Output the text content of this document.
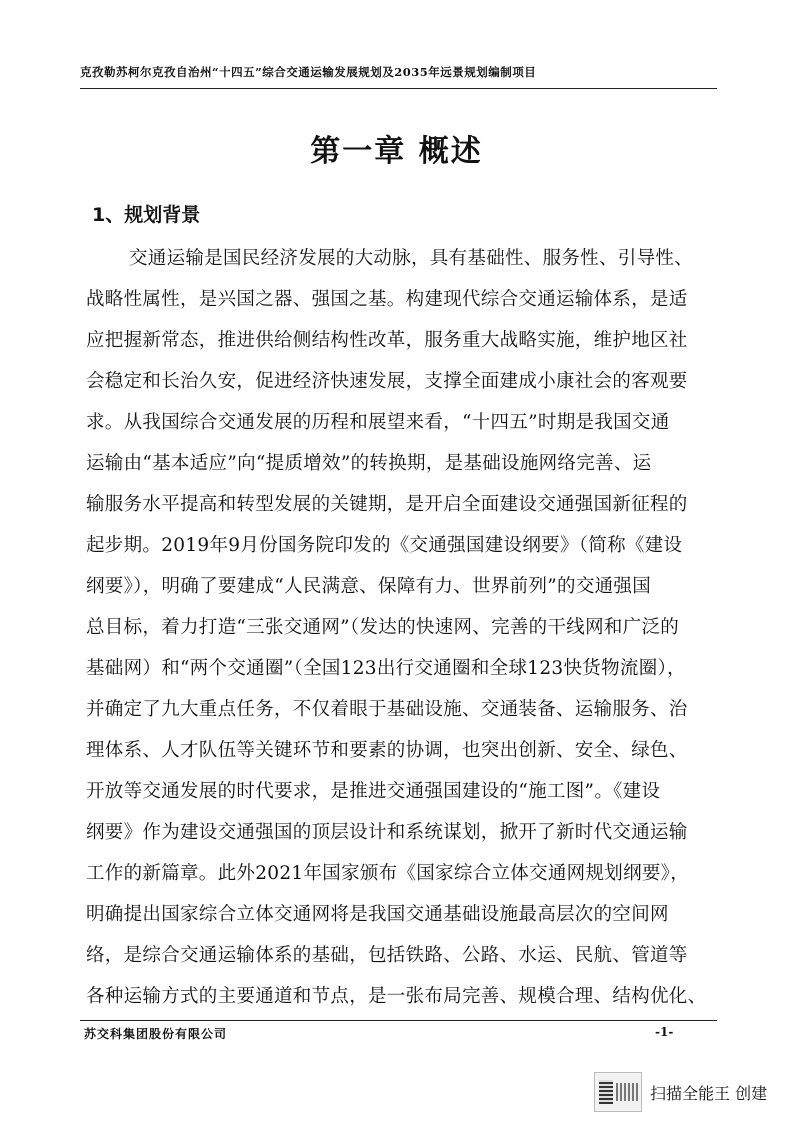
克孜勒苏柯尔克孜自治州“十四五”综合交通运输发展规划及2035年远景规划编制项目
第一章 概述
1、规划背景
交通运输是国民经济发展的大动脉，具有基础性、服务性、引导性、
战略性属性，是兴国之器、强国之基。构建现代综合交通运输体系，是适
应把握新常态，推进供给侧结构性改革，服务重大战略实施，维护地区社
会稳定和长治久安，促进经济快速发展，支撑全面建成小康社会的客观要
求。从我国综合交通发展的历程和展望来看，“十四五”时期是我国交通
运输由“基本适应”向“提质增效”的转换期，是基础设施网络完善、运
输服务水平提高和转型发展的关键期，是开启全面建设交通强国新征程的
起步期。2019年9月份国务院印发的《交通强国建设纲要》（简称《建设
纲要》），明确了要建成“人民满意、保障有力、世界前列”的交通强国
总目标，着力打造“三张交通网”（发达的快速网、完善的干线网和广泛的
基础网）和“两个交通圈”（全国123出行交通圈和全球123快货物流圈），
并确定了九大重点任务，不仅着眼于基础设施、交通装备、运输服务、治
理体系、人才队伍等关键环节和要素的协调，也突出创新、安全、绿色、
开放等交通发展的时代要求，是推进交通强国建设的“施工图”。《建设
纲要》作为建设交通强国的顶层设计和系统谋划，掀开了新时代交通运输
工作的新篇章。此外2021年国家颁布《国家综合立体交通网规划纲要》，
明确提出国家综合立体交通网将是我国交通基础设施最高层次的空间网
络，是综合交通运输体系的基础，包括铁路、公路、水运、民航、管道等
各种运输方式的主要通道和节点，是一张布局完善、规模合理、结构优化、
苏交科集团股份有限公司	-1-
扫描全能王 创建
